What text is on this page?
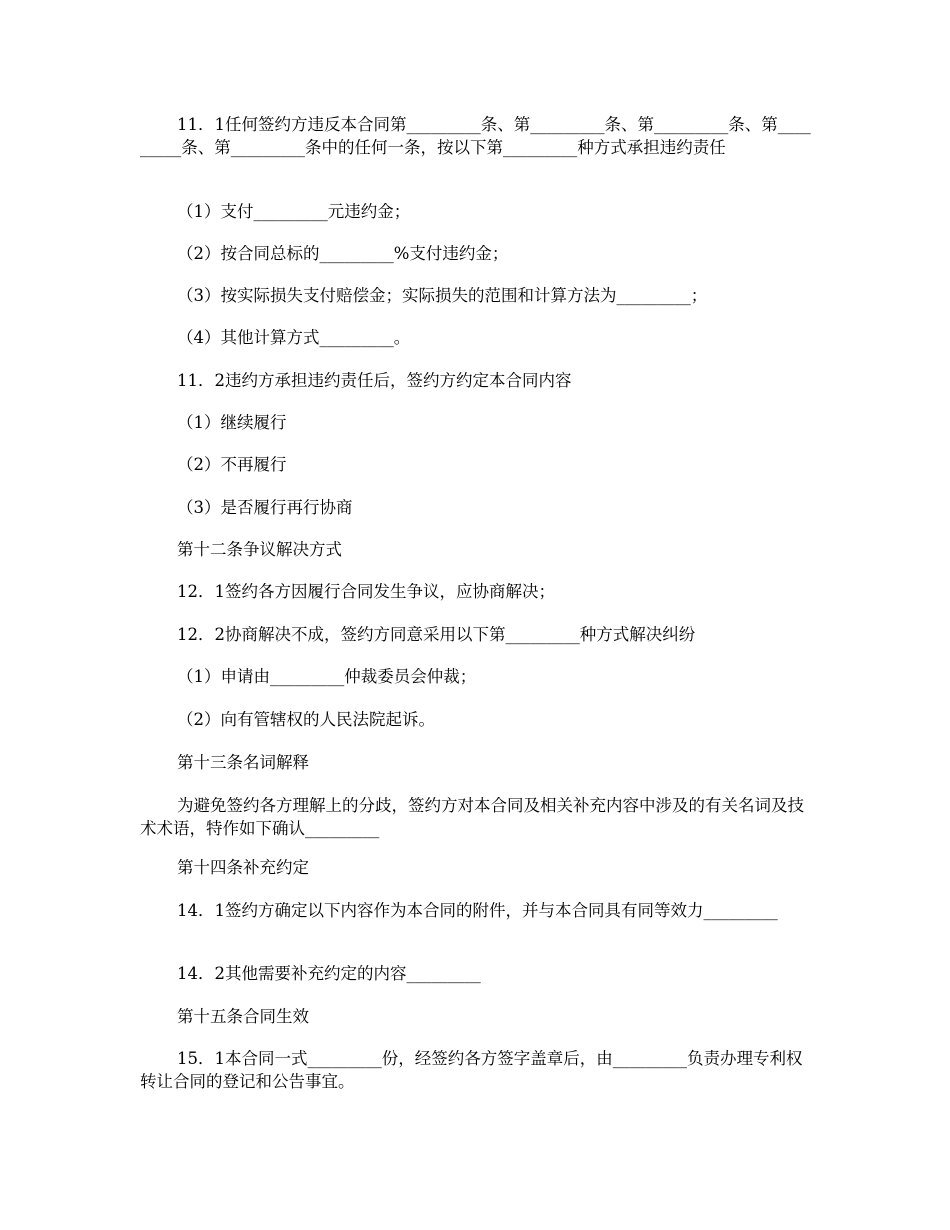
11．1任何签约方违反本合同第_________条、第_________条、第_________条、第_________条、第_________条中的任何一条，按以下第_________种方式承担违约责任

（1）支付_________元违约金；

（2）按合同总标的_________%支付违约金；

（3）按实际损失支付赔偿金；实际损失的范围和计算方法为_________；

（4）其他计算方式_________。

11．2违约方承担违约责任后，签约方约定本合同内容

（1）继续履行

（2）不再履行

（3）是否履行再行协商

第十二条争议解决方式

12．1签约各方因履行合同发生争议，应协商解决；

12．2协商解决不成，签约方同意采用以下第_________种方式解决纠纷

（1）申请由_________仲裁委员会仲裁；

（2）向有管辖权的人民法院起诉。

第十三条名词解释

为避免签约各方理解上的分歧，签约方对本合同及相关补充内容中涉及的有关名词及技术术语，特作如下确认_________

第十四条补充约定

14．1签约方确定以下内容作为本合同的附件，并与本合同具有同等效力_________

14．2其他需要补充约定的内容_________

第十五条合同生效

15．1本合同一式_________份，经签约各方签字盖章后，由_________负责办理专利权转让合同的登记和公告事宜。
